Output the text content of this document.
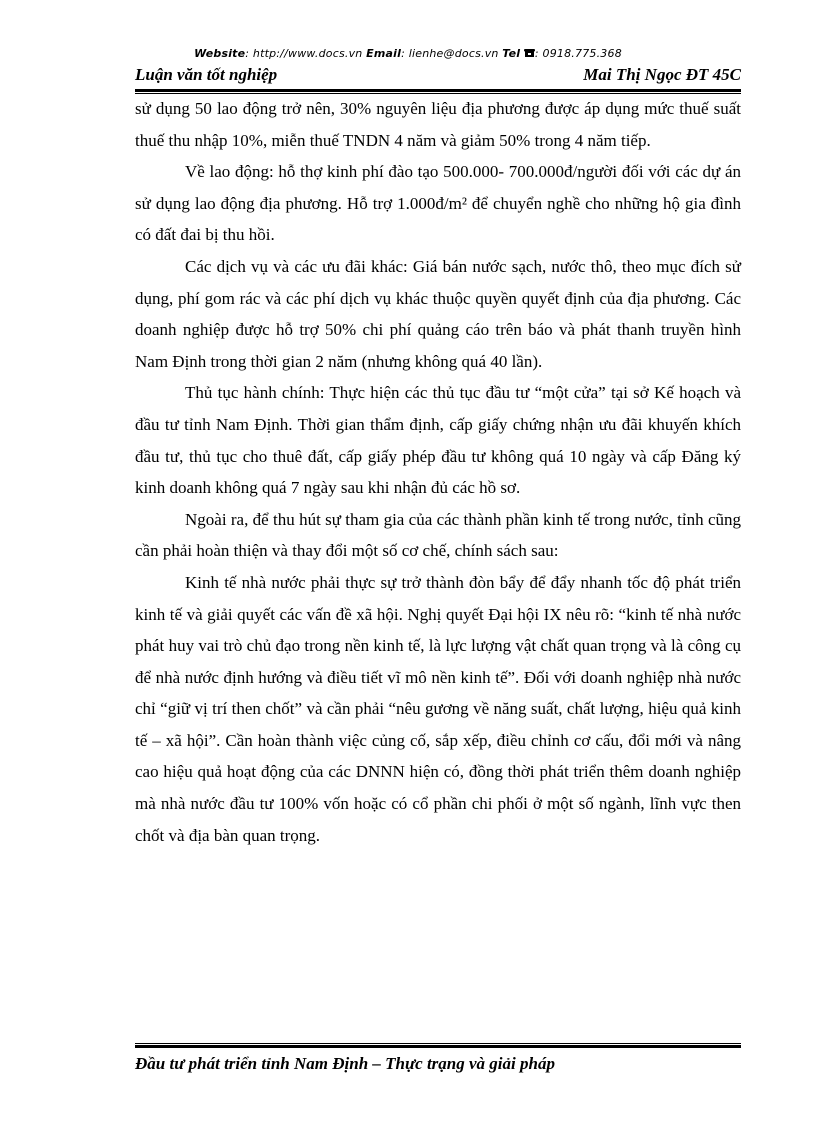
Website: http://www.docs.vn Email: lienhe@docs.vn Tel : 0918.775.368
Luận văn tốt nghiệp	Mai Thị Ngọc ĐT 45C

sử dụng 50 lao động trở nên, 30% nguyên liệu địa phương được áp dụng mức thuế suất thuế thu nhập 10%, miễn thuế TNDN 4 năm và giảm 50% trong 4 năm tiếp.

Về lao động: hỗ thợ kinh phí đào tạo 500.000- 700.000đ/người đối với các dự án sử dụng lao động địa phương. Hỗ trợ 1.000đ/m² để chuyển nghề cho những hộ gia đình có đất đai bị thu hồi.

Các dịch vụ và các ưu đãi khác: Giá bán nước sạch, nước thô, theo mục đích sử dụng, phí gom rác và các phí dịch vụ khác thuộc quyền quyết định của địa phương. Các doanh nghiệp được hỗ trợ 50% chi phí quảng cáo trên báo và phát thanh truyền hình Nam Định trong thời gian 2 năm (nhưng không quá 40 lần).

Thủ tục hành chính: Thực hiện các thủ tục đầu tư “một cửa” tại sở Kế hoạch và đầu tư tỉnh Nam Định. Thời gian thẩm định, cấp giấy chứng nhận ưu đãi khuyến khích đầu tư, thủ tục cho thuê đất, cấp giấy phép đầu tư không quá 10 ngày và cấp Đăng ký kinh doanh không quá 7 ngày sau khi nhận đủ các hồ sơ.

Ngoài ra, để thu hút sự tham gia của các thành phần kinh tế trong nước, tỉnh cũng cần phải hoàn thiện và thay đổi một số cơ chế, chính sách sau:

Kinh tế nhà nước phải thực sự trở thành đòn bẩy để đẩy nhanh tốc độ phát triển kinh tế và giải quyết các vấn đề xã hội. Nghị quyết Đại hội IX nêu rõ: “kinh tế nhà nước phát huy vai trò chủ đạo trong nền kinh tế, là lực lượng vật chất quan trọng và là công cụ để nhà nước định hướng và điều tiết vĩ mô nền kinh tế”. Đối với doanh nghiệp nhà nước chỉ “giữ vị trí then chốt” và cần phải “nêu gương về năng suất, chất lượng, hiệu quả kinh tế – xã hội”. Cần hoàn thành việc củng cố, sắp xếp, điều chỉnh cơ cấu, đổi mới và nâng cao hiệu quả hoạt động của các DNNN hiện có, đồng thời phát triển thêm doanh nghiệp mà nhà nước đầu tư 100% vốn hoặc có cổ phần chi phối ở một số ngành, lĩnh vực then chốt và địa bàn quan trọng.

Đầu tư phát triển tỉnh Nam Định – Thực trạng và giải pháp
